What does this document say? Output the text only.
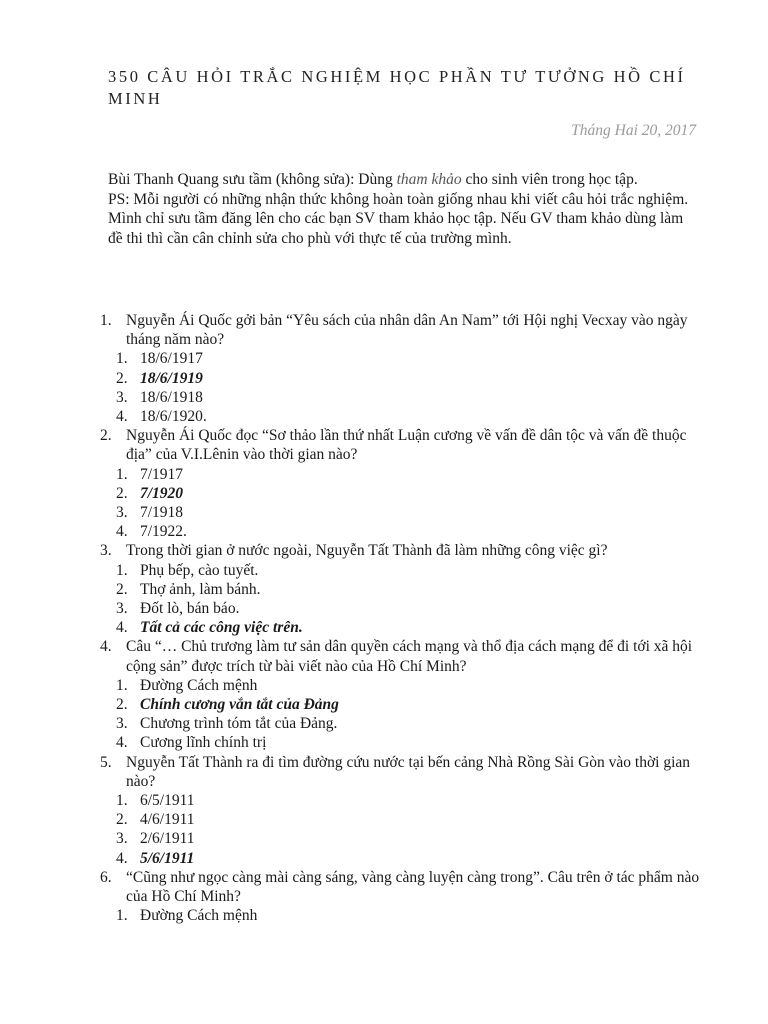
350 CÂU HỎI TRẮC NGHIỆM HỌC PHẦN TƯ TƯỞNG HỒ CHÍ MINH
Tháng Hai 20, 2017

Bùi Thanh Quang sưu tầm (không sửa): Dùng tham khảo cho sinh viên trong học tập.

PS: Mỗi người có những nhận thức không hoàn toàn giống nhau khi viết câu hỏi trắc nghiệm. Mình chỉ sưu tầm đăng lên cho các bạn SV tham khảo học tập. Nếu GV tham khảo dùng làm đề thi thì cần cân chỉnh sửa cho phù với thực tế của trường mình.

1. Nguyễn Ái Quốc gởi bản “Yêu sách của nhân dân An Nam” tới Hội nghị Vecxay vào ngày tháng năm nào?
1. 18/6/1917
2. 18/6/1919
3. 18/6/1918
4. 18/6/1920.
2. Nguyễn Ái Quốc đọc “Sơ thảo lần thứ nhất Luận cương về vấn đề dân tộc và vấn đề thuộc địa” của V.I.Lênin vào thời gian nào?
1. 7/1917
2. 7/1920
3. 7/1918
4. 7/1922.
3. Trong thời gian ở nước ngoài, Nguyễn Tất Thành đã làm những công việc gì?
1. Phụ bếp, cào tuyết.
2. Thợ ảnh, làm bánh.
3. Đốt lò, bán báo.
4. Tất cả các công việc trên.
4. Câu “… Chủ trương làm tư sản dân quyền cách mạng và thổ địa cách mạng để đi tới xã hội cộng sản” được trích từ bài viết nào của Hồ Chí Minh?
1. Đường Cách mệnh
2. Chính cương vắn tắt của Đảng
3. Chương trình tóm tắt của Đảng.
4. Cương lĩnh chính trị
5. Nguyễn Tất Thành ra đi tìm đường cứu nước tại bến cảng Nhà Rồng Sài Gòn vào thời gian nào?
1. 6/5/1911
2. 4/6/1911
3. 2/6/1911
4. 5/6/1911
6. “Cũng như ngọc càng mài càng sáng, vàng càng luyện càng trong”. Câu trên ở tác phẩm nào của Hồ Chí Minh?
1. Đường Cách mệnh
